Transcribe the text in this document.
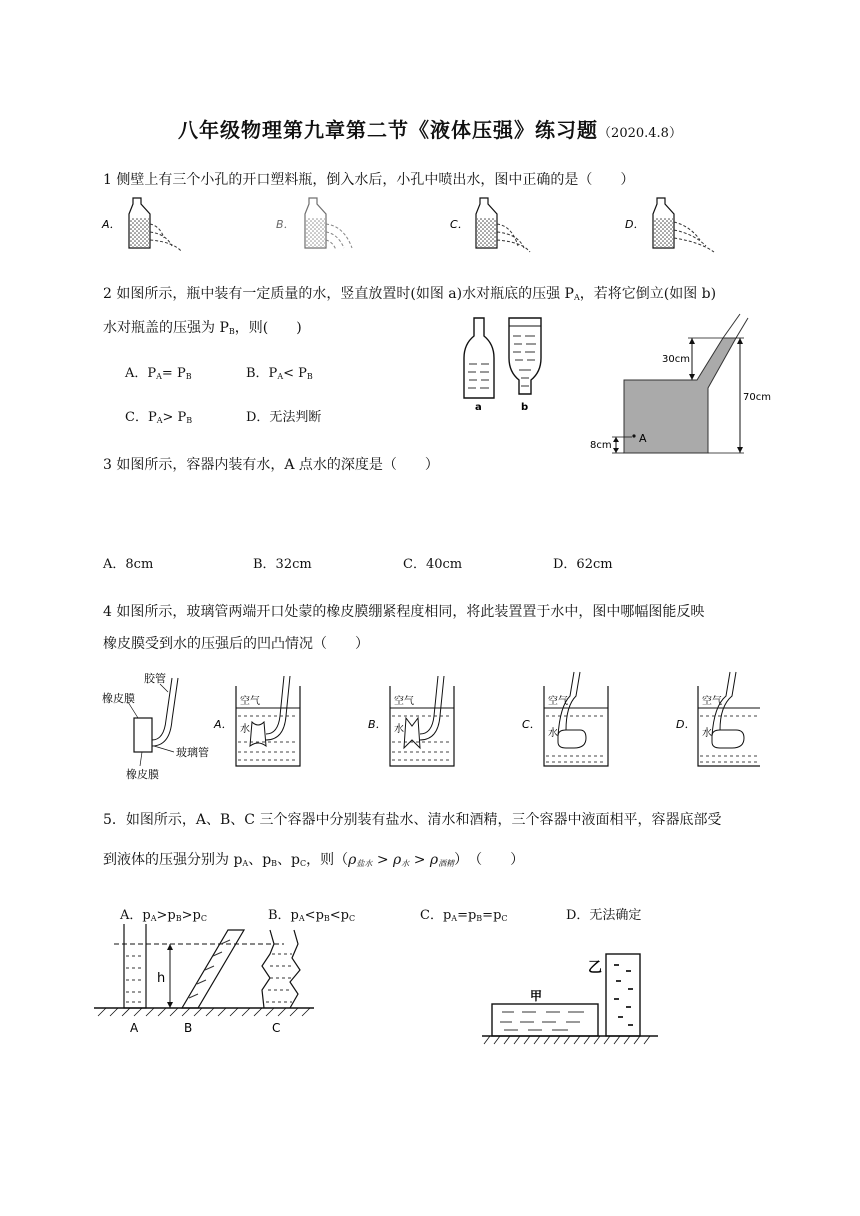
八年级物理第九章第二节《液体压强》练习题（2020.4.8）
1 侧壁上有三个小孔的开口塑料瓶，倒入水后，小孔中喷出水，图中正确的是（　　）
A．	B．	C．	D．
2 如图所示，瓶中装有一定质量的水，竖直放置时(如图 a)水对瓶底的压强 $P_A$，若将它倒立(如图 b)
水对瓶盖的压强为 $P_B$，则(　　)
A．$P_A= P_B$	B．$P_A< P_B$
C．$P_A> P_B$	D．无法判断
a	b
30cm
70cm
8cm
A
3 如图所示，容器内装有水，A 点水的深度是（　　）
A．8cm	B．32cm	C．40cm	D．62cm
4 如图所示，玻璃管两端开口处蒙的橡皮膜绷紧程度相同，将此装置置于水中，图中哪幅图能反映
橡皮膜受到水的压强后的凹凸情况（　　）
胶管
橡皮膜
玻璃管
橡皮膜
A．
空气
水	B．
空气
水	C．
空气
水
D．
空气
水
5．如图所示，A、B、C 三个容器中分别装有盐水、清水和酒精，三个容器中液面相平，容器底部受
到液体的压强分别为 $p_A$、$p_B$、$p_C$，则$(\rho_{盐水} > \rho_水 > \rho_{酒精})$　（　　）
A．$p_A>p_B>p_C$	B．$p_A<p_B<p_C$	C．$p_A=p_B=p_C$	D．无法确定
h
A	B	C
甲
乙
